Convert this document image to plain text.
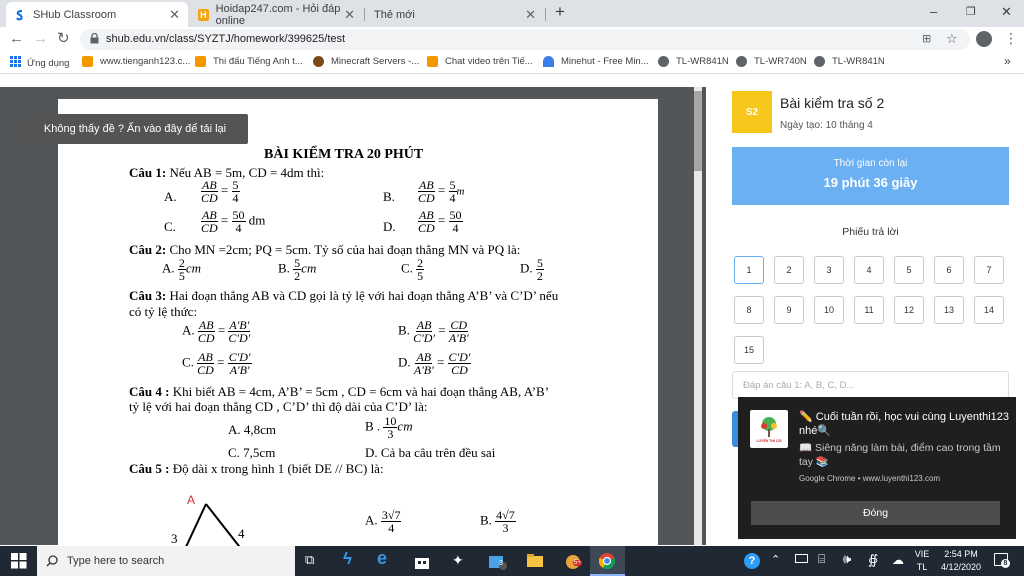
SHub Classroom	✕ H Hoidap247.com - Hỏi đáp online	✕ Thẻ mới	✕ +	–	❐ ✕
← → ↻	shub.edu.vn/class/SYZTJ/homework/399625/test	⊞ ☆	⋮
Ứng dụng	www.tienganh123.c... Thi đấu Tiếng Anh t...	Minecraft Servers -...	Chat video trên Tiế...	Minehut - Free Min...	TL-WR841N	TL-WR740N	TL-WR841N	»
BÀI KIỂM TRA 20 PHÚT
Câu 1: Nếu AB = 5m, CD = 4dm thì:
A. $\frac{AB}{CD} = \frac{5}{4}$	B. $\frac{AB}{CD} = \frac{5}{4}$ m
C. $\frac{AB}{CD} = \frac{50}{4}$ dm	D. $\frac{AB}{CD} = \frac{50}{4}$
Câu 2: Cho MN =2cm; PQ = 5cm. Tỷ số của hai đoạn thẳng MN và PQ là:
A. $\frac{2}{5}$ cm	B. $\frac{5}{2}$ cm	C. $\frac{2}{5}$	D. $\frac{5}{2}$
Câu 3: Hai đoạn thẳng AB và CD gọi là tỷ lệ với hai đoạn thẳng A’B’ và C’D’ nếu
có tỷ lệ thức:
A. $\frac{AB}{CD} = \frac{A'B'}{C'D'}$	B. $\frac{AB}{C'D'} = \frac{CD}{A'B'}$
C. $\frac{AB}{CD} = \frac{C'D'}{A'B'}$	D. $\frac{AB}{A'B'} = \frac{C'D'}{CD}$
Câu 4 : Khi biết AB = 4cm, A’B’ = 5cm , CD = 6cm và hai đoạn thẳng AB, A’B’
tỷ lệ với hai đoạn thẳng CD , C’D’ thì độ dài của C’D’ là:
A. 4,8cm	B . $\frac{10}{3}$ cm
C. 7,5cm	D. Cả ba câu trên đều sai
Câu 5 : Độ dài x trong hình 1 (biết DE // BC) là:
A
3	4
A. $\frac{3√7}{4}$	B. $\frac{4√7}{3}$
Không thấy đề ? Ấn vào đây để tải lại
S2
Bài kiểm tra số 2
Ngày tạo: 10 tháng 4
Thời gian còn lại
19 phút 36 giây
Phiếu trả lời
1	2	3	4	5	6	7
8	9	10	11	12	13	14
15
Đáp án câu 1: A, B, C, D...
LUYỆN THI 123
✏️ Cuối tuần rồi, học vui cùng Luyenthi123 nhé🔍
📖 Siêng năng làm bài, điểm cao trong tầm tay 📚
Google Chrome • www.luyenthi123.com
Đóng
Type here to search	⧉	ϟ	e	✦	3	5+	?	⌃	⌸ 🕪 ∯ ☁	VIE
TL
2:54 PM
4/12/2020	8
